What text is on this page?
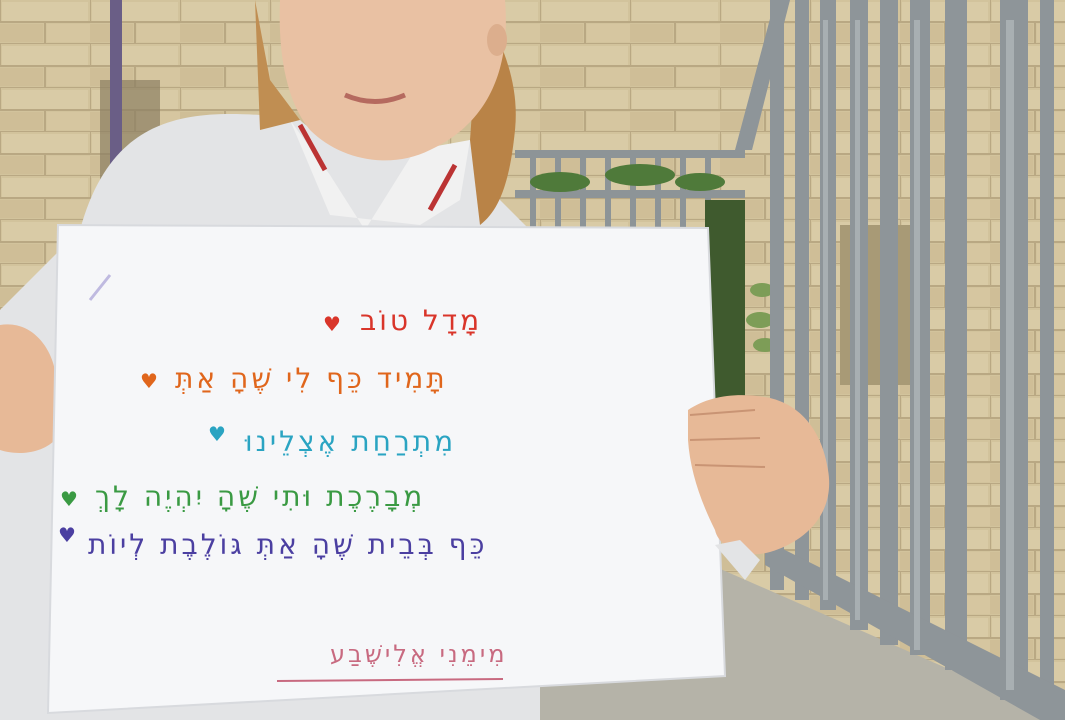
♥ מָדָל טוֹב
♥ תָּמִיד כֵּף לִי שֶׁהָ אַתְּ
♥ מִתְרַחַת אֶצְלֵינוּ
♥ מְבָרֶכֶת וּתִי שֶׁהָ יִהְיֶה לָךְ
♥ כֵּף בְּבֵית שֶׁהָ אַתְּ גּוֹלֶבֶת לְיוֹת
מִימֵנִי אֱלִישֶׁבַע
